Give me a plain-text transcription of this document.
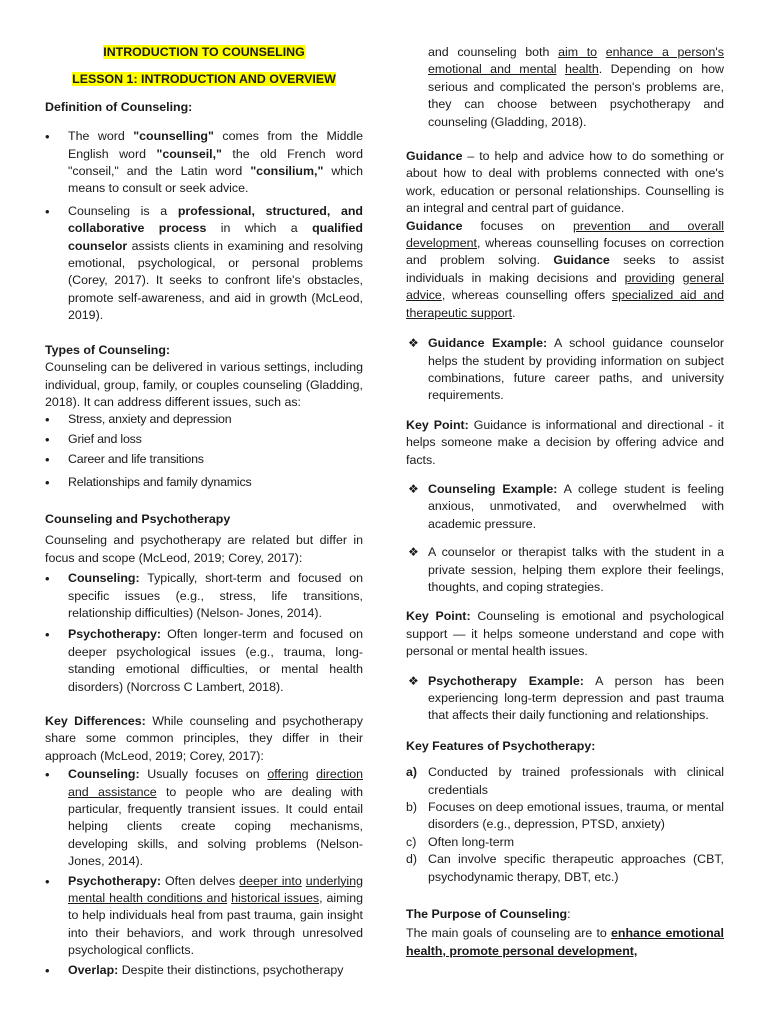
INTRODUCTION TO COUNSELING

LESSON 1: INTRODUCTION AND OVERVIEW

Definition of Counseling:

• The word "counselling" comes from the Middle English word "counseil," the old French word "conseil," and the Latin word "consilium," which means to consult or seek advice.

• Counseling is a professional, structured, and collaborative process in which a qualified counselor assists clients in examining and resolving emotional, psychological, or personal problems (Corey, 2017). It seeks to confront life's obstacles, promote self-awareness, and aid in growth (McLeod, 2019).

Types of Counseling:

Counseling can be delivered in various settings, including individual, group, family, or couples counseling (Gladding, 2018). It can address different issues, such as:

• Stress, anxiety and depression

• Grief and loss

• Career and life transitions

• Relationships and family dynamics

Counseling and Psychotherapy

Counseling and psychotherapy are related but differ in focus and scope (McLeod, 2019; Corey, 2017):

• Counseling: Typically, short-term and focused on specific issues (e.g., stress, life transitions, relationship difficulties) (Nelson- Jones, 2014).

• Psychotherapy: Often longer-term and focused on deeper psychological issues (e.g., trauma, long-standing emotional difficulties, or mental health disorders) (Norcross C Lambert, 2018).

Key Differences: While counseling and psychotherapy share some common principles, they differ in their approach (McLeod, 2019; Corey, 2017):

• Counseling: Usually focuses on offering direction and assistance to people who are dealing with particular, frequently transient issues. It could entail helping clients create coping mechanisms, developing skills, and solving problems (Nelson-Jones, 2014).

• Psychotherapy: Often delves deeper into underlying mental health conditions and historical issues, aiming to help individuals heal from past trauma, gain insight into their behaviors, and work through unresolved psychological conflicts.

• Overlap: Despite their distinctions, psychotherapy

and counseling both aim to enhance a person's emotional and mental health. Depending on how serious and complicated the person's problems are, they can choose between psychotherapy and counseling (Gladding, 2018).

Guidance – to help and advice how to do something or about how to deal with problems connected with one's work, education or personal relationships. Counselling is an integral and central part of guidance.

Guidance focuses on prevention and overall development, whereas counselling focuses on correction and problem solving. Guidance seeks to assist individuals in making decisions and providing general advice, whereas counselling offers specialized aid and therapeutic support.

❖ Guidance Example: A school guidance counselor helps the student by providing information on subject combinations, future career paths, and university requirements.

Key Point: Guidance is informational and directional - it helps someone make a decision by offering advice and facts.

❖ Counseling Example: A college student is feeling anxious, unmotivated, and overwhelmed with academic pressure.

❖ A counselor or therapist talks with the student in a private session, helping them explore their feelings, thoughts, and coping strategies.

Key Point: Counseling is emotional and psychological support — it helps someone understand and cope with personal or mental health issues.

❖ Psychotherapy Example: A person has been experiencing long-term depression and past trauma that affects their daily functioning and relationships.

Key Features of Psychotherapy:

a) Conducted by trained professionals with clinical credentials

b) Focuses on deep emotional issues, trauma, or mental disorders (e.g., depression, PTSD, anxiety)

c) Often long-term

d) Can involve specific therapeutic approaches (CBT, psychodynamic therapy, DBT, etc.)

The Purpose of Counseling:

The main goals of counseling are to enhance emotional health, promote personal development,
